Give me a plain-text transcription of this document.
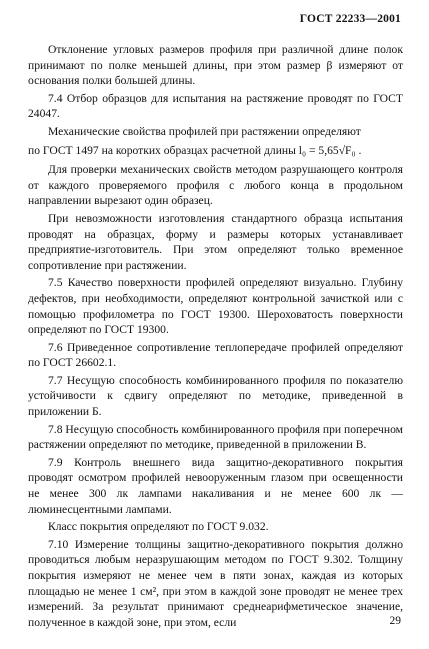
ГОСТ 22233—2001

Отклонение угловых размеров профиля при различной длине полок принимают по полке меньшей длины, при этом размер β измеряют от основания полки большей длины.

7.4 Отбор образцов для испытания на растяжение проводят по ГОСТ 24047.

Механические свойства профилей при растяжении определяют

по ГОСТ 1497 на коротких образцах расчетной длины l₀ = 5,65√F₀ .

Для проверки механических свойств методом разрушающего контроля от каждого проверяемого профиля с любого конца в продольном направлении вырезают один образец.

При невозможности изготовления стандартного образца испытания проводят на образцах, форму и размеры которых устанавливает предприятие-изготовитель. При этом определяют только временное сопротивление при растяжении.

7.5 Качество поверхности профилей определяют визуально. Глубину дефектов, при необходимости, определяют контрольной зачисткой или с помощью профилометра по ГОСТ 19300. Шероховатость поверхности определяют по ГОСТ 19300.

7.6 Приведенное сопротивление теплопередаче профилей определяют по ГОСТ 26602.1.

7.7 Несущую способность комбинированного профиля по показателю устойчивости к сдвигу определяют по методике, приведенной в приложении Б.

7.8 Несущую способность комбинированного профиля при поперечном растяжении определяют по методике, приведенной в приложении В.

7.9 Контроль внешнего вида защитно-декоративного покрытия проводят осмотром профилей невооруженным глазом при освещенности не менее 300 лк лампами накаливания и не менее 600 лк — люминесцентными лампами.

Класс покрытия определяют по ГОСТ 9.032.

7.10 Измерение толщины защитно-декоративного покрытия должно проводиться любым неразрушающим методом по ГОСТ 9.302. Толщину покрытия измеряют не менее чем в пяти зонах, каждая из которых площадью не менее 1 см², при этом в каждой зоне проводят не менее трех измерений. За результат принимают среднеарифметическое значение, полученное в каждой зоне, при этом, если	29
